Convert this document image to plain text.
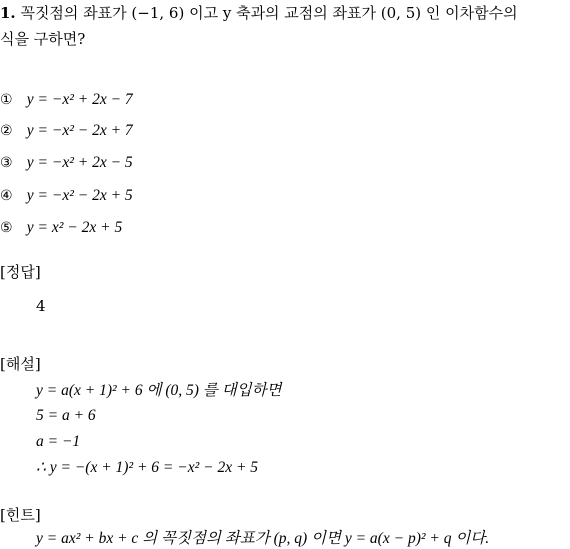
1. 꼭짓점의 좌표가 (−1, 6) 이고 y 축과의 교점의 좌표가 (0, 5) 인 이차함수의
식을 구하면?
① y = −x² + 2x − 7
② y = −x² − 2x + 7
③ y = −x² + 2x − 5
④ y = −x² − 2x + 5
⑤ y = x² − 2x + 5
[정답]
4
[해설]
y = a(x + 1)² + 6 에 (0, 5) 를 대입하면
5 = a + 6
a = −1
∴ y = −(x + 1)² + 6 = −x² − 2x + 5
[힌트]
y = ax² + bx + c 의 꼭짓점의 좌표가 (p, q) 이면 y = a(x − p)² + q 이다.
